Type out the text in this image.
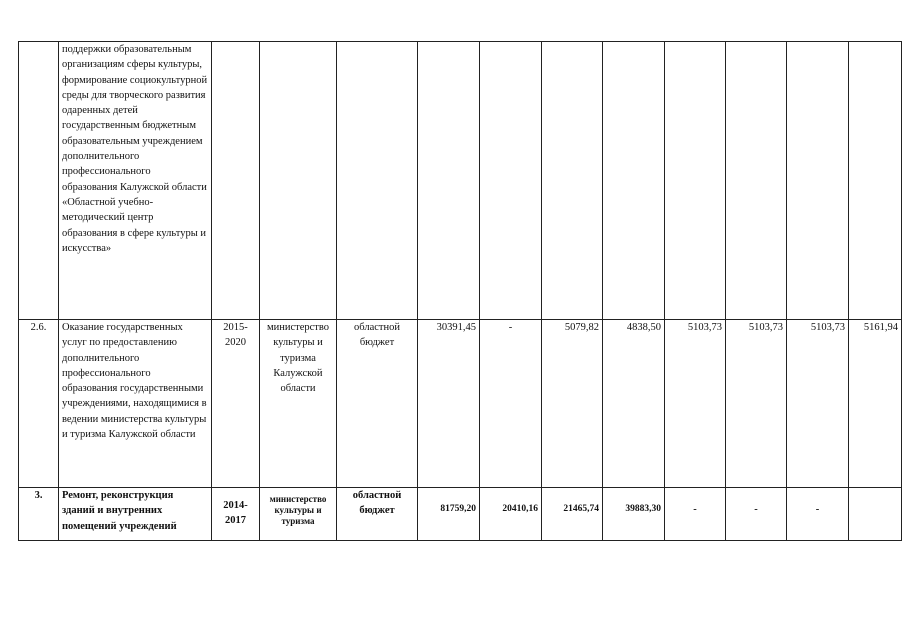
	поддержки образовательным организациям сферы культуры, формирование социокультурной среды для творческого развития одаренных детей государственным бюджетным образовательным учреждением дополнительного профессионального образования Калужской области «Областной учебно-методический центр образования в сфере культуры и искусства»											
2.6.	Оказание государственных услуг по предоставлению дополнительного профессионального образования государственными учреждениями, находящимися в ведении министерства культуры и туризма Калужской области	2015-2020	министерство культуры и туризма Калужской области	областной бюджет	30391,45	-	5079,82	4838,50	5103,73	5103,73	5103,73	5161,94
3.	Ремонт, реконструкция зданий и внутренних помещений учреждений	2014-2017	министерство культуры и туризма	областной бюджет	81759,20	20410,16	21465,74	39883,30	-	-	-	
